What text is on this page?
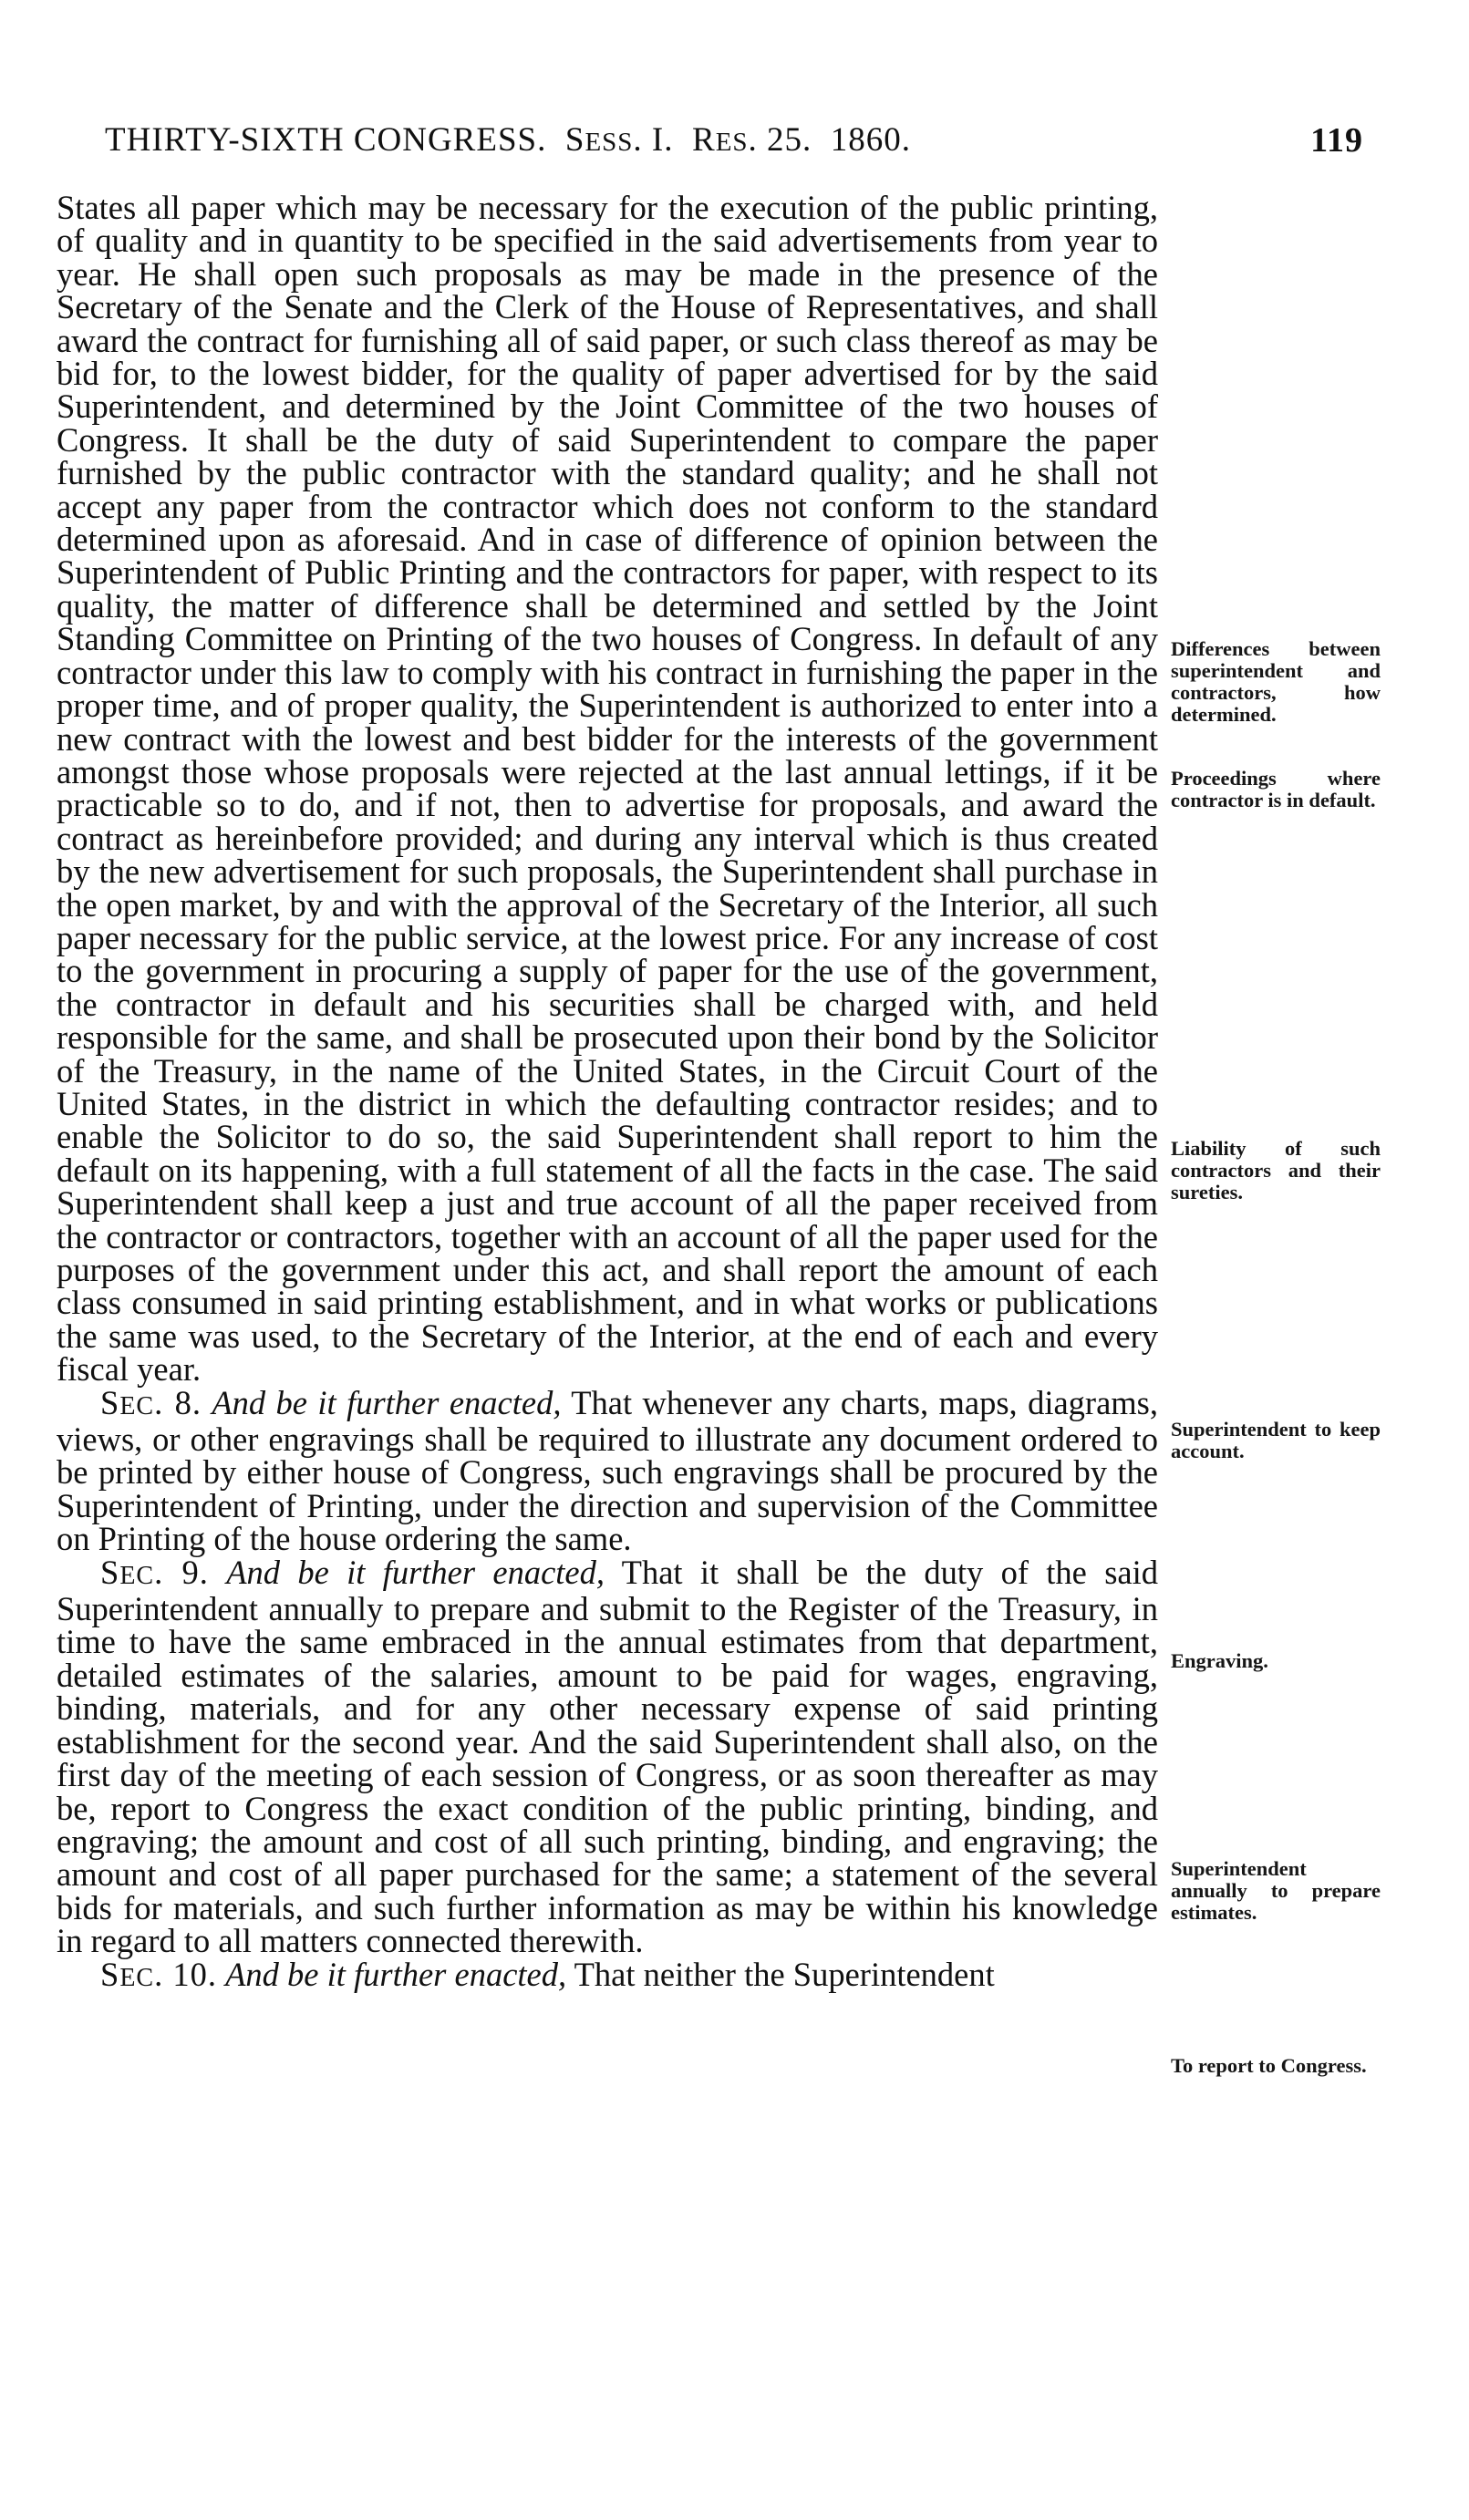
THIRTY-SIXTH CONGRESS. SESS. I. RES. 25. 1860.	119

States all paper which may be necessary for the execution of the public printing, of quality and in quantity to be specified in the said advertisements from year to year. He shall open such proposals as may be made in the presence of the Secretary of the Senate and the Clerk of the House of Representatives, and shall award the contract for furnishing all of said paper, or such class thereof as may be bid for, to the lowest bidder, for the quality of paper advertised for by the said Superintendent, and determined by the Joint Committee of the two houses of Congress. It shall be the duty of said Superintendent to compare the paper furnished by the public contractor with the standard quality; and he shall not accept any paper from the contractor which does not conform to the standard determined upon as aforesaid. And in case of difference of opinion between the Superintendent of Public Printing and the contractors for paper, with respect to its quality, the matter of difference shall be determined and settled by the Joint Standing Committee on Printing of the two houses of Congress. In default of any contractor under this law to comply with his contract in furnishing the paper in the proper time, and of proper quality, the Superintendent is authorized to enter into a new contract with the lowest and best bidder for the interests of the government amongst those whose proposals were rejected at the last annual lettings, if it be practicable so to do, and if not, then to advertise for proposals, and award the contract as hereinbefore provided; and during any interval which is thus created by the new advertisement for such proposals, the Superintendent shall purchase in the open market, by and with the approval of the Secretary of the Interior, all such paper necessary for the public service, at the lowest price. For any increase of cost to the government in procuring a supply of paper for the use of the government, the contractor in default and his securities shall be charged with, and held responsible for the same, and shall be prosecuted upon their bond by the Solicitor of the Treasury, in the name of the United States, in the Circuit Court of the United States, in the district in which the defaulting contractor resides; and to enable the Solicitor to do so, the said Superintendent shall report to him the default on its happening, with a full statement of all the facts in the case. The said Superintendent shall keep a just and true account of all the paper received from the contractor or contractors, together with an account of all the paper used for the purposes of the government under this act, and shall report the amount of each class consumed in said printing establishment, and in what works or publications the same was used, to the Secretary of the Interior, at the end of each and every fiscal year.

SEC. 8. And be it further enacted, That whenever any charts, maps, diagrams, views, or other engravings shall be required to illustrate any document ordered to be printed by either house of Congress, such engravings shall be procured by the Superintendent of Printing, under the direction and supervision of the Committee on Printing of the house ordering the same.

SEC. 9. And be it further enacted, That it shall be the duty of the said Superintendent annually to prepare and submit to the Register of the Treasury, in time to have the same embraced in the annual estimates from that department, detailed estimates of the salaries, amount to be paid for wages, engraving, binding, materials, and for any other necessary expense of said printing establishment for the second year. And the said Superintendent shall also, on the first day of the meeting of each session of Congress, or as soon thereafter as may be, report to Congress the exact condition of the public printing, binding, and engraving; the amount and cost of all such printing, binding, and engraving; the amount and cost of all paper purchased for the same; a statement of the several bids for materials, and such further information as may be within his knowledge in regard to all matters connected therewith.

SEC. 10. And be it further enacted, That neither the Superintendent

Differences between superintendent and contractors, how determined.
Proceedings where contractor is in default.
Liability of such contractors and their sureties.
Superintendent to keep account.
Engraving.
Superintendent annually to prepare estimates.
To report to Congress.
